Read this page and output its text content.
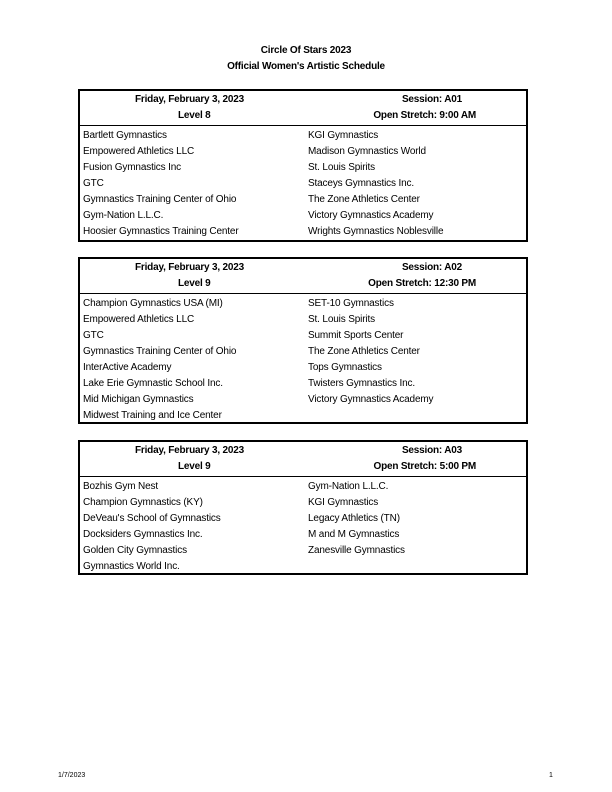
Circle Of Stars 2023
Official Women's Artistic Schedule
Friday, February 3, 2023
Level 8
Session: A01
Open Stretch: 9:00 AM
Bartlett Gymnastics
Empowered Athletics LLC
Fusion Gymnastics Inc
GTC
Gymnastics Training Center of Ohio
Gym-Nation L.L.C.
Hoosier Gymnastics Training Center
KGI Gymnastics
Madison Gymnastics World
St. Louis Spirits
Staceys Gymnastics Inc.
The Zone Athletics Center
Victory Gymnastics Academy
Wrights Gymnastics Noblesville
Friday, February 3, 2023
Level 9
Session: A02
Open Stretch: 12:30 PM
Champion Gymnastics USA (MI)
Empowered Athletics LLC
GTC
Gymnastics Training Center of Ohio
InterActive Academy
Lake Erie Gymnastic School Inc.
Mid Michigan Gymnastics
Midwest Training and Ice Center
SET-10 Gymnastics
St. Louis Spirits
Summit Sports Center
The Zone Athletics Center
Tops Gymnastics
Twisters Gymnastics Inc.
Victory Gymnastics Academy
Friday, February 3, 2023
Level 9
Session: A03
Open Stretch: 5:00 PM
Bozhis Gym Nest
Champion Gymnastics (KY)
DeVeau's School of Gymnastics
Docksiders Gymnastics Inc.
Golden City Gymnastics
Gymnastics World Inc.
Gym-Nation L.L.C.
KGI Gymnastics
Legacy Athletics (TN)
M and M Gymnastics
Zanesville Gymnastics
1/7/2023	1
